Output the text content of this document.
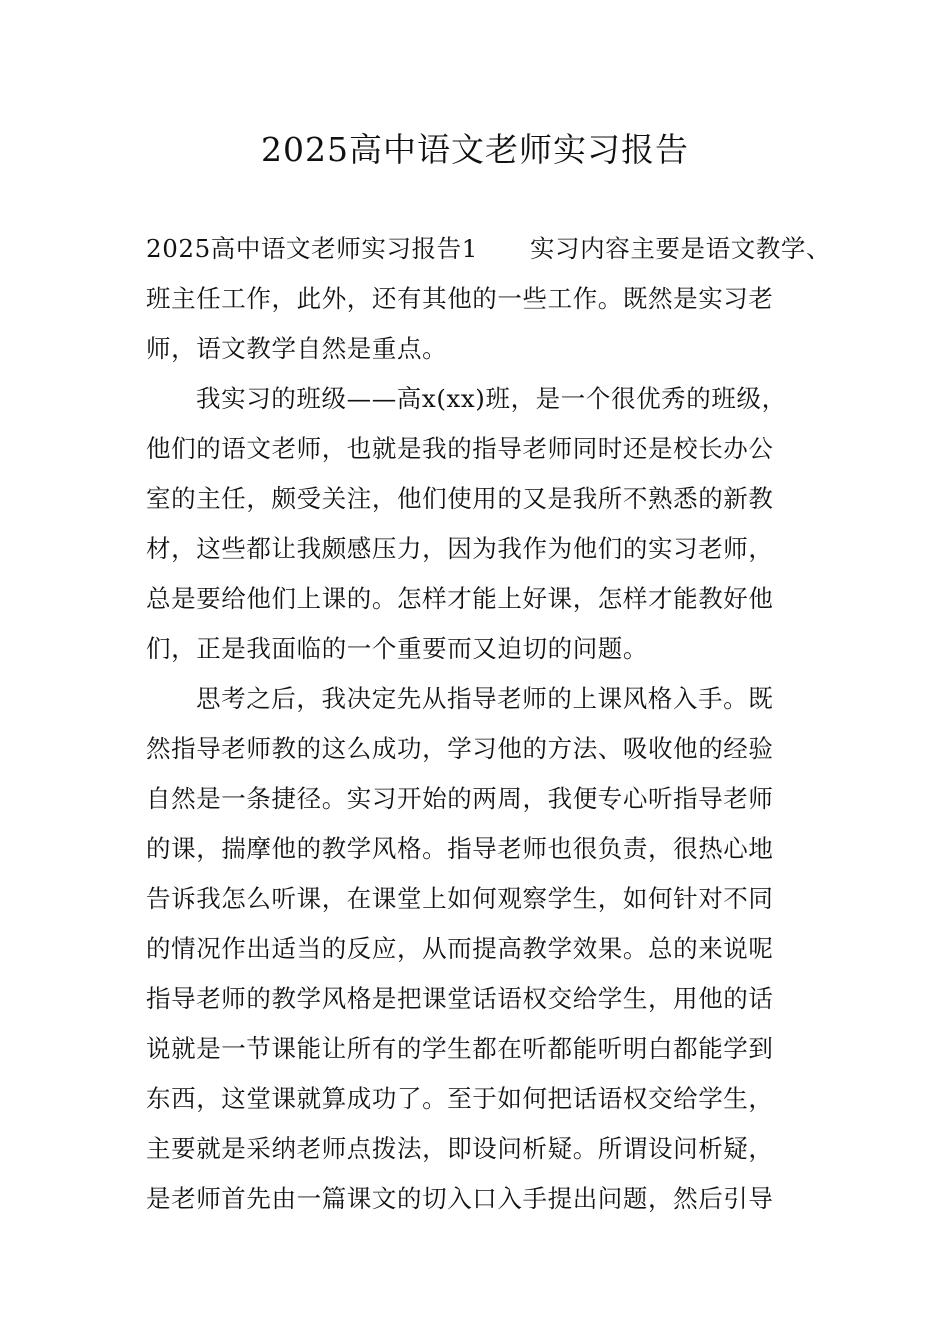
2025高中语文老师实习报告
2025高中语文老师实习报告1 实习内容主要是语文教学、
班主任工作，此外，还有其他的一些工作。既然是实习老
师，语文教学自然是重点。
我实习的班级——高x(xx)班，是一个很优秀的班级，
他们的语文老师，也就是我的指导老师同时还是校长办公
室的主任，颇受关注，他们使用的又是我所不熟悉的新教
材，这些都让我颇感压力，因为我作为他们的实习老师，
总是要给他们上课的。怎样才能上好课，怎样才能教好他
们，正是我面临的一个重要而又迫切的问题。
思考之后，我决定先从指导老师的上课风格入手。既
然指导老师教的这么成功，学习他的方法、吸收他的经验
自然是一条捷径。实习开始的两周，我便专心听指导老师
的课，揣摩他的教学风格。指导老师也很负责，很热心地
告诉我怎么听课，在课堂上如何观察学生，如何针对不同
的情况作出适当的反应，从而提高教学效果。总的来说呢
指导老师的教学风格是把课堂话语权交给学生，用他的话
说就是一节课能让所有的学生都在听都能听明白都能学到
东西，这堂课就算成功了。至于如何把话语权交给学生，
主要就是采纳老师点拨法，即设问析疑。所谓设问析疑，
是老师首先由一篇课文的切入口入手提出问题，然后引导
